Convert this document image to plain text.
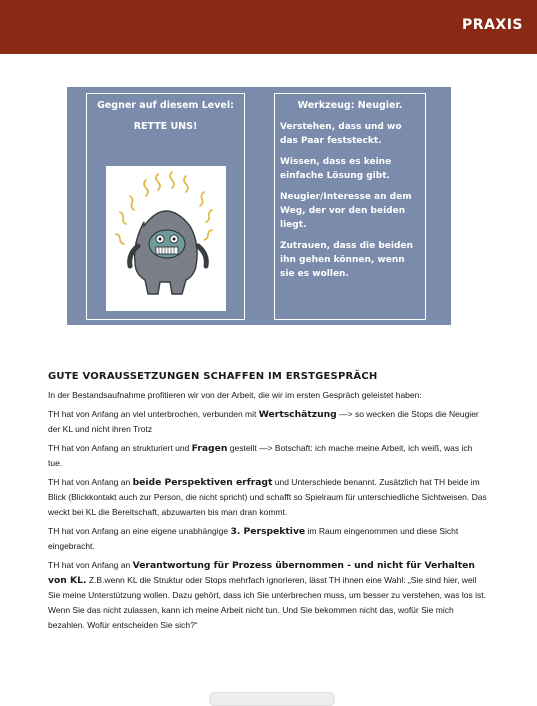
PRAXIS
Gegner auf diesem Level:
RETTE UNS!
Werkzeug: Neugier.
Verstehen, dass und wo das Paar feststeckt.
Wissen, dass es keine einfache Lösung gibt.
Neugier/Interesse an dem Weg, der vor den beiden liegt.
Zutrauen, dass die beiden ihn gehen können, wenn sie es wollen.
GUTE VORAUSSETZUNGEN SCHAFFEN IM ERSTGESPRÄCH

In der Bestandsaufnahme profitieren wir von der Arbeit, die wir im ersten Gespräch geleistet haben:

TH hat von Anfang an viel unterbrochen, verbunden mit Wertschätzung —> so wecken die Stops die Neugier der KL und nicht ihren Trotz

TH hat von Anfang an strukturiert und Fragen gestellt —> Botschaft: ich mache meine Arbeit, ich weiß, was ich tue.

TH hat von Anfang an beide Perspektiven erfragt und Unterschiede benannt. Zusätzlich hat TH beide im Blick (Blickkontakt auch zur Person, die nicht spricht) und schafft so Spielraum für unterschiedliche Sichtweisen. Das weckt bei KL die Bereitschaft, abzuwarten bis man dran kommt.

TH hat von Anfang an eine eigene unabhängige 3. Perspektive im Raum eingenommen und diese Sicht eingebracht.

TH hat von Anfang an Verantwortung für Prozess übernommen - und nicht für Verhalten von KL. Z.B.wenn KL die Struktur oder Stops mehrfach ignorieren, lässt TH ihnen eine Wahl: „Sie sind hier, weil Sie meine Unterstützung wollen. Dazu gehört, dass ich Sie unterbrechen muss, um besser zu verstehen, was los ist. Wenn Sie das nicht zulassen, kann ich meine Arbeit nicht tun. Und Sie bekommen nicht das, wofür Sie mich bezahlen. Wofür entscheiden Sie sich?“
